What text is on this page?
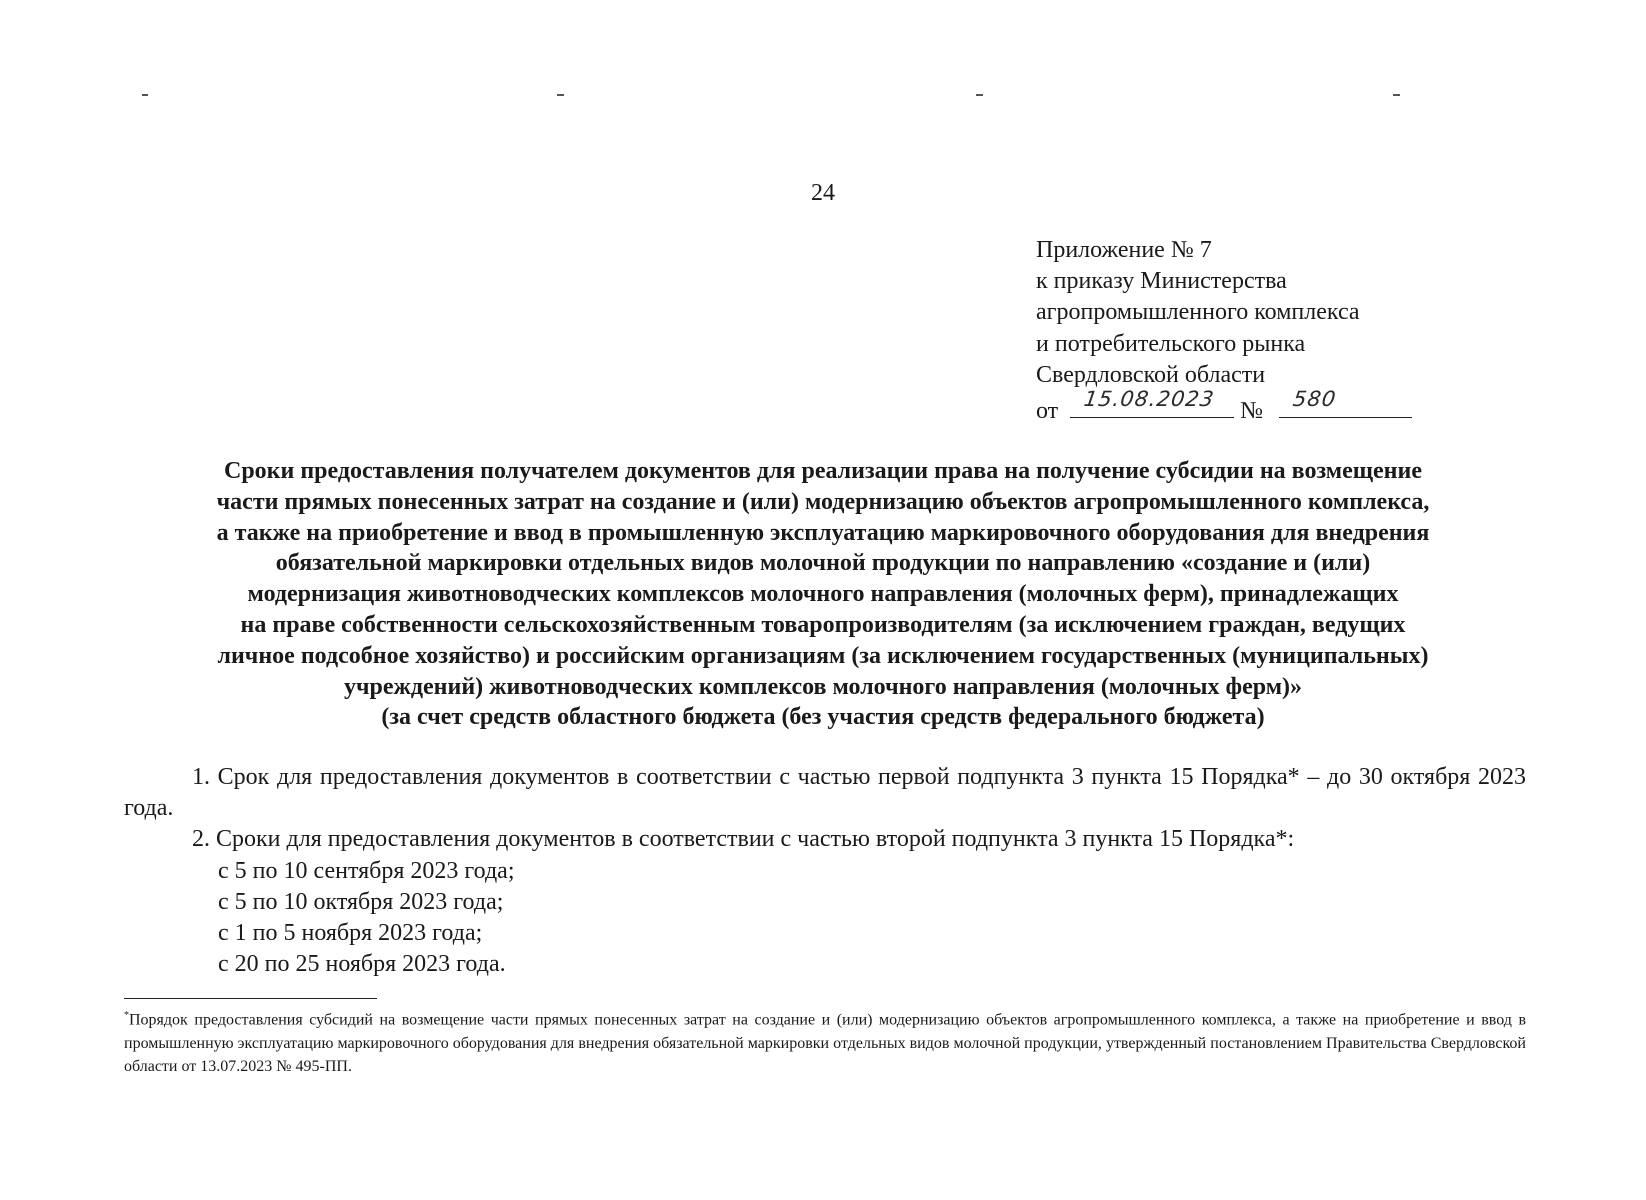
24
Приложение № 7
к приказу Министерства
агропромышленного комплекса
и потребительского рынка
Свердловской области
от 15.08.2023 № 580
Сроки предоставления получателем документов для реализации права на получение субсидии на возмещение
части прямых понесенных затрат на создание и (или) модернизацию объектов агропромышленного комплекса,
а также на приобретение и ввод в промышленную эксплуатацию маркировочного оборудования для внедрения
обязательной маркировки отдельных видов молочной продукции по направлению «создание и (или)
модернизация животноводческих комплексов молочного направления (молочных ферм), принадлежащих
на праве собственности сельскохозяйственным товаропроизводителям (за исключением граждан, ведущих
личное подсобное хозяйство) и российским организациям (за исключением государственных (муниципальных)
учреждений) животноводческих комплексов молочного направления (молочных ферм)»
(за счет средств областного бюджета (без участия средств федерального бюджета)
1. Срок для предоставления документов в соответствии с частью первой подпункта 3 пункта 15 Порядка* – до 30 октября 2023 года.
2. Сроки для предоставления документов в соответствии с частью второй подпункта 3 пункта 15 Порядка*:
с 5 по 10 сентября 2023 года;
с 5 по 10 октября 2023 года;
с 1 по 5 ноября 2023 года;
с 20 по 25 ноября 2023 года.
*Порядок предоставления субсидий на возмещение части прямых понесенных затрат на создание и (или) модернизацию объектов агропромышленного комплекса, а также на приобретение и ввод в промышленную эксплуатацию маркировочного оборудования для внедрения обязательной маркировки отдельных видов молочной продукции, утвержденный постановлением Правительства Свердловской области от 13.07.2023 № 495-ПП.
